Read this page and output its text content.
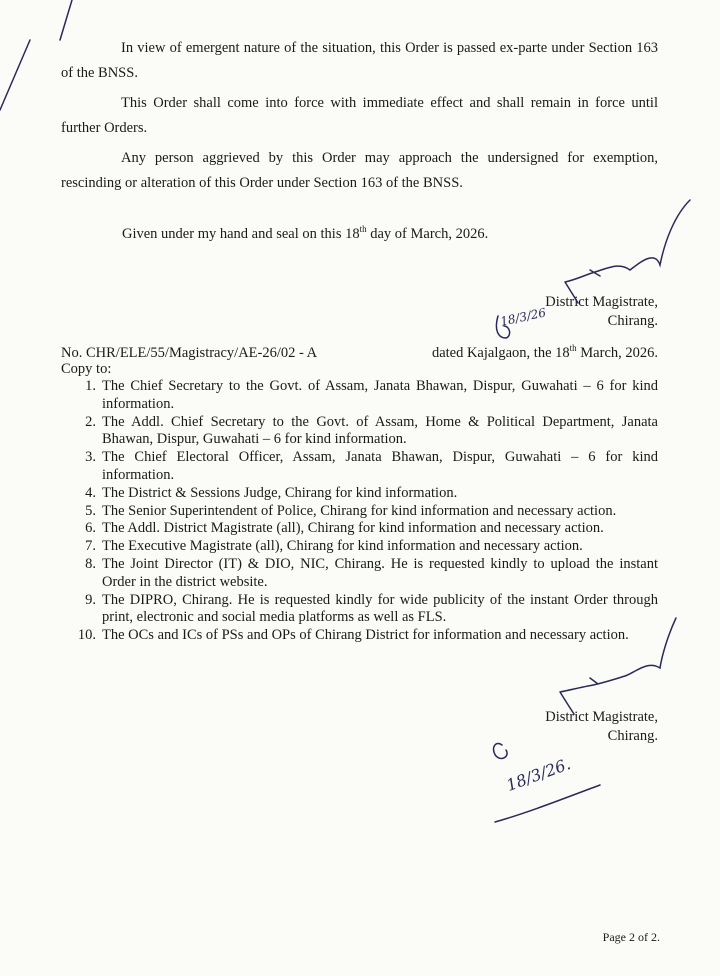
In view of emergent nature of the situation, this Order is passed ex-parte under Section 163 of the BNSS.
This Order shall come into force with immediate effect and shall remain in force until further Orders.
Any person aggrieved by this Order may approach the undersigned for exemption, rescinding or alteration of this Order under Section 163 of the BNSS.
Given under my hand and seal on this 18th day of March, 2026.
District Magistrate,
Chirang.
No. CHR/ELE/55/Magistracy/AE-26/02 - A	dated Kajalgaon, the 18th March, 2026.
Copy to:
1. The Chief Secretary to the Govt. of Assam, Janata Bhawan, Dispur, Guwahati – 6 for kind information.
2. The Addl. Chief Secretary to the Govt. of Assam, Home & Political Department, Janata Bhawan, Dispur, Guwahati – 6 for kind information.
3. The Chief Electoral Officer, Assam, Janata Bhawan, Dispur, Guwahati – 6 for kind information.
4. The District & Sessions Judge, Chirang for kind information.
5. The Senior Superintendent of Police, Chirang for kind information and necessary action.
6. The Addl. District Magistrate (all), Chirang for kind information and necessary action.
7. The Executive Magistrate (all), Chirang for kind information and necessary action.
8. The Joint Director (IT) & DIO, NIC, Chirang. He is requested kindly to upload the instant Order in the district website.
9. The DIPRO, Chirang. He is requested kindly for wide publicity of the instant Order through print, electronic and social media platforms as well as FLS.
10. The OCs and ICs of PSs and OPs of Chirang District for information and necessary action.
District Magistrate,
Chirang.
18/3/26
18/3/26.
Page 2 of 2.
